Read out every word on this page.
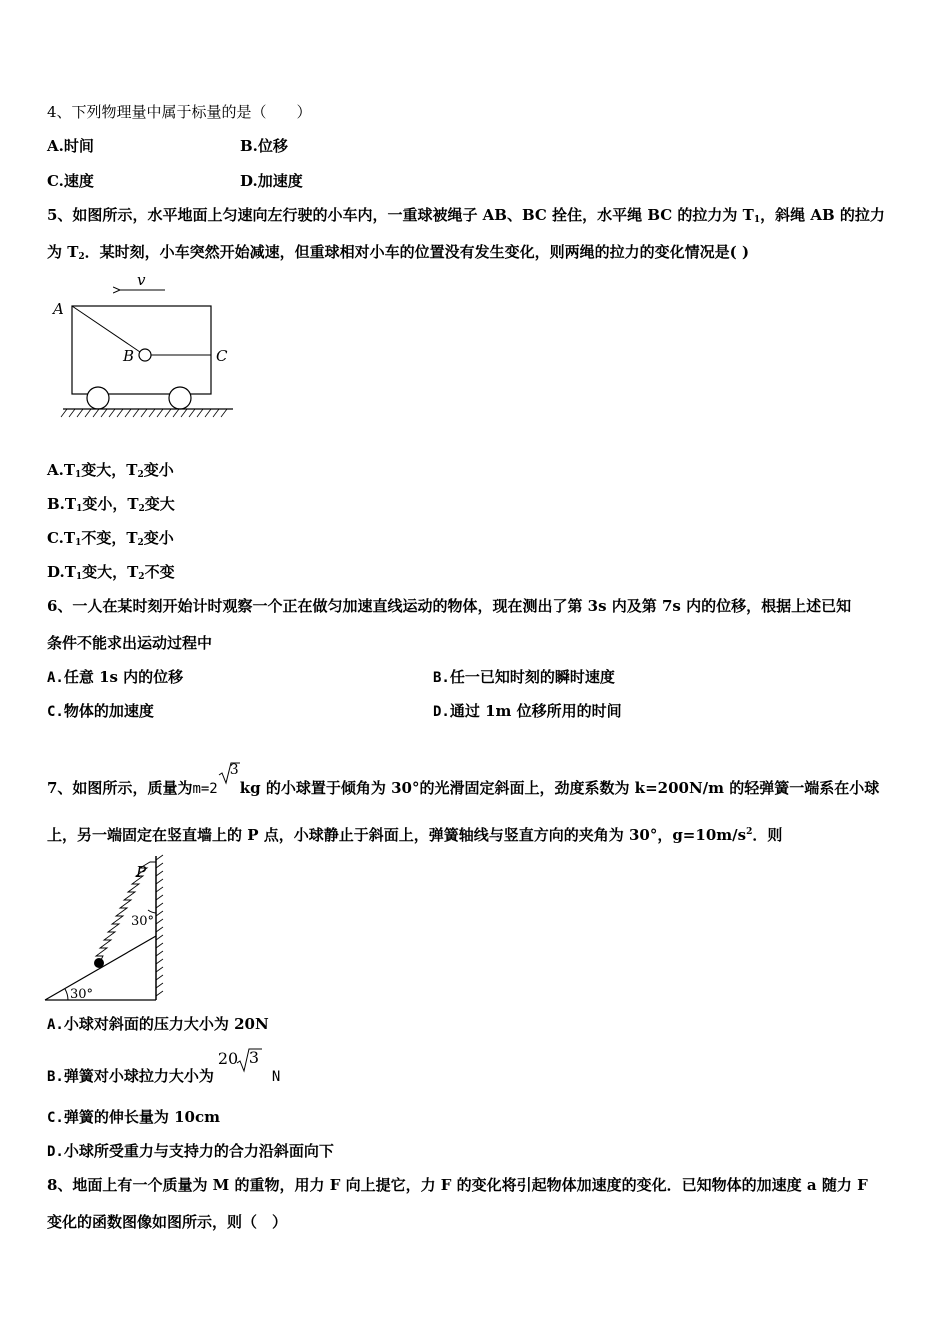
4、下列物理量中属于标量的是（　　）
A.时间	B.位移
C.速度	D.加速度
5、如图所示，水平地面上匀速向左行驶的小车内，一重球被绳子 AB、BC 拴住，水平绳 BC 的拉力为 $T_1$，斜绳 AB 的拉力
为 $T_2$．某时刻，小车突然开始减速，但重球相对小车的位置没有发生变化，则两绳的拉力的变化情况是( )
v
A
B	C
$A.T_1$变大，$T_2$变小
$B.T_1$变小，$T_2$变大
$C.T_1$不变，$T_2$变小
$D.T_1$变大，$T_2$不变
6、一人在某时刻开始计时观察一个正在做匀加速直线运动的物体，现在测出了第 3s 内及第 7s 内的位移，根据上述已知
条件不能求出运动过程中
A.任意 1s 内的位移	B.任一已知时刻的瞬时速度
C.物体的加速度	D.通过 1m 位移所用的时间
7、如图所示，质量为m=2
3
kg 的小球置于倾角为 30°的光滑固定斜面上，劲度系数为 k=200N/m 的轻弹簧一端系在小球
上，另一端固定在竖直墙上的 P 点，小球静止于斜面上，弹簧轴线与竖直方向的夹角为 30°，$g=10m/s^2$．则
30°
P
30°
A.小球对斜面的压力大小为 20N
B.弹簧对小球拉力大小为
20 3
N
C.弹簧的伸长量为 10cm
D.小球所受重力与支持力的合力沿斜面向下
8、地面上有一个质量为 M 的重物，用力 F 向上提它，力 F 的变化将引起物体加速度的变化．已知物体的加速度 a 随力 F
变化的函数图像如图所示，则（　）
